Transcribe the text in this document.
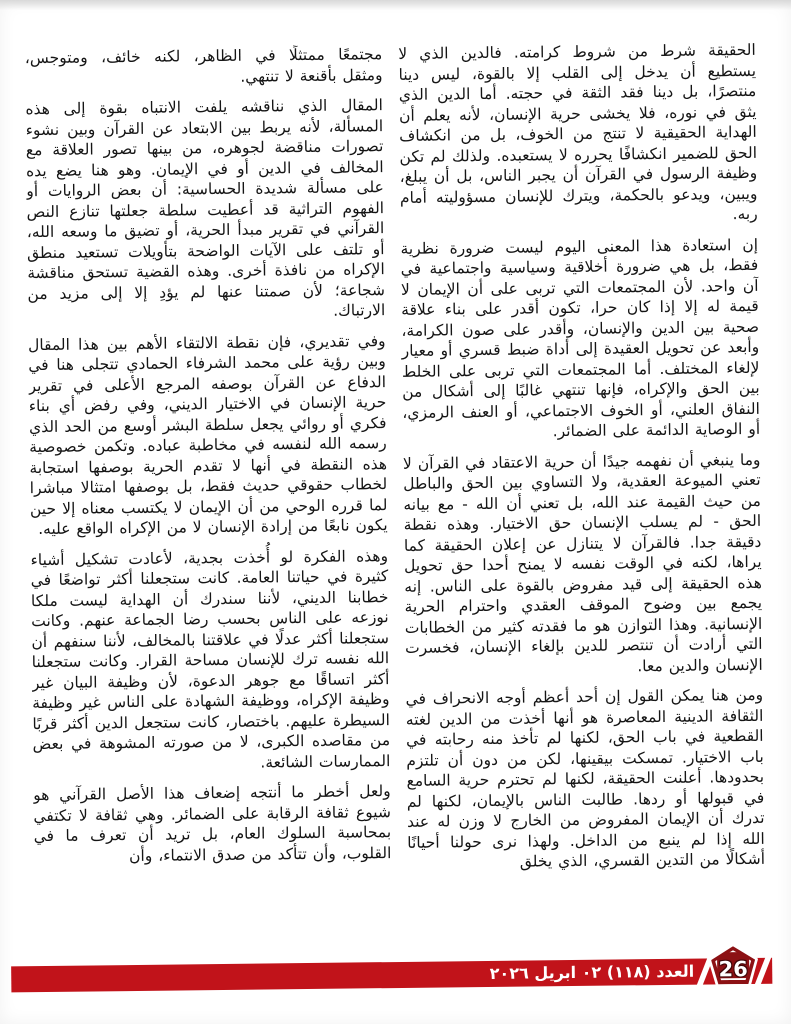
الحقيقة شرط من شروط كرامته. فالدين الذي لا يستطيع أن يدخل إلى القلب إلا بالقوة، ليس دينا منتصرًا، بل دينا فقد الثقة في حجته. أما الدين الذي يثق في نوره، فلا يخشى حرية الإنسان، لأنه يعلم أن الهداية الحقيقية لا تنتج من الخوف، بل من انكشاف الحق للضمير انكشافًا يحرره لا يستعبده. ولذلك لم تكن وظيفة الرسول في القرآن أن يجبر الناس، بل أن يبلغ، ويبين، ويدعو بالحكمة، ويترك للإنسان مسؤوليته أمام ربه.

إن استعادة هذا المعنى اليوم ليست ضرورة نظرية فقط، بل هي ضرورة أخلاقية وسياسية واجتماعية في آن واحد. لأن المجتمعات التي تربى على أن الإيمان لا قيمة له إلا إذا كان حرا، تكون أقدر على بناء علاقة صحية بين الدين والإنسان، وأقدر على صون الكرامة، وأبعد عن تحويل العقيدة إلى أداة ضبط قسري أو معيار لإلغاء المختلف. أما المجتمعات التي تربى على الخلط بين الحق والإكراه، فإنها تنتهي غالبًا إلى أشكال من النفاق العلني، أو الخوف الاجتماعي، أو العنف الرمزي، أو الوصاية الدائمة على الضمائر.

وما ينبغي أن نفهمه جيدًا أن حرية الاعتقاد في القرآن لا تعني الميوعة العقدية، ولا التساوي بين الحق والباطل من حيث القيمة عند الله، بل تعني أن الله - مع بيانه الحق - لم يسلب الإنسان حق الاختيار. وهذه نقطة دقيقة جدا. فالقرآن لا يتنازل عن إعلان الحقيقة كما يراها، لكنه في الوقت نفسه لا يمنح أحدا حق تحويل هذه الحقيقة إلى قيد مفروض بالقوة على الناس. إنه يجمع بين وضوح الموقف العقدي واحترام الحرية الإنسانية. وهذا التوازن هو ما فقدته كثير من الخطابات التي أرادت أن تنتصر للدين بإلغاء الإنسان، فخسرت الإنسان والدين معا.

ومن هنا يمكن القول إن أحد أعظم أوجه الانحراف في الثقافة الدينية المعاصرة هو أنها أخذت من الدين لغته القطعية في باب الحق، لكنها لم تأخذ منه رحابته في باب الاختيار. تمسكت بيقينها، لكن من دون أن تلتزم بحدودها. أعلنت الحقيقة، لكنها لم تحترم حرية السامع في قبولها أو ردها. طالبت الناس بالإيمان، لكنها لم تدرك أن الإيمان المفروض من الخارج لا وزن له عند الله إذا لم ينبع من الداخل. ولهذا نرى حولنا أحيانًا أشكالًا من التدين القسري، الذي يخلق

مجتمعًا ممتثلًا في الظاهر، لكنه خائف، ومتوجس، ومثقل بأقنعة لا تنتهي.

المقال الذي نناقشه يلفت الانتباه بقوة إلى هذه المسألة، لأنه يربط بين الابتعاد عن القرآن وبين نشوء تصورات مناقضة لجوهره، من بينها تصور العلاقة مع المخالف في الدين أو في الإيمان. وهو هنا يضع يده على مسألة شديدة الحساسية: أن بعض الروايات أو الفهوم التراثية قد أعطيت سلطة جعلتها تنازع النص القرآني في تقرير مبدأ الحرية، أو تضيق ما وسعه الله، أو تلتف على الآيات الواضحة بتأويلات تستعيد منطق الإكراه من نافذة أخرى. وهذه القضية تستحق مناقشة شجاعة؛ لأن صمتنا عنها لم يؤدِ إلا إلى مزيد من الارتباك.

وفي تقديري، فإن نقطة الالتقاء الأهم بين هذا المقال وبين رؤية على محمد الشرفاء الحمادي تتجلى هنا في الدفاع عن القرآن بوصفه المرجع الأعلى في تقرير حرية الإنسان في الاختيار الديني، وفي رفض أي بناء فكري أو روائي يجعل سلطة البشر أوسع من الحد الذي رسمه الله لنفسه في مخاطبة عباده. وتكمن خصوصية هذه النقطة في أنها لا تقدم الحرية بوصفها استجابة لخطاب حقوقي حديث فقط، بل بوصفها امتثالا مباشرا لما قرره الوحي من أن الإيمان لا يكتسب معناه إلا حين يكون نابعًا من إرادة الإنسان لا من الإكراه الواقع عليه.

وهذه الفكرة لو أُخذت بجدية، لأعادت تشكيل أشياء كثيرة في حياتنا العامة. كانت ستجعلنا أكثر تواضعًا في خطابنا الديني، لأننا سندرك أن الهداية ليست ملكا نوزعه على الناس بحسب رضا الجماعة عنهم. وكانت ستجعلنا أكثر عدلًا في علاقتنا بالمخالف، لأننا سنفهم أن الله نفسه ترك للإنسان مساحة القرار. وكانت ستجعلنا أكثر اتساقًا مع جوهر الدعوة، لأن وظيفة البيان غير وظيفة الإكراه، ووظيفة الشهادة على الناس غير وظيفة السيطرة عليهم. باختصار، كانت ستجعل الدين أكثر قربًا من مقاصده الكبرى، لا من صورته المشوهة في بعض الممارسات الشائعة.

ولعل أخطر ما أنتجه إضعاف هذا الأصل القرآني هو شيوع ثقافة الرقابة على الضمائر. وهي ثقافة لا تكتفي بمحاسبة السلوك العام، بل تريد أن تعرف ما في القلوب، وأن تتأكد من صدق الانتماء، وأن

العدد (١١٨) ٠٢ ابريل ٢٠٢٦	26
